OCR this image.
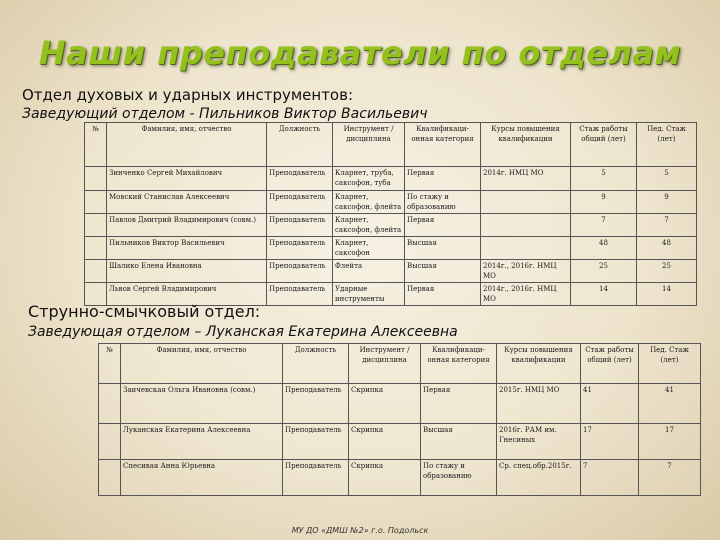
Наши преподаватели по отделам
Отдел духовых и ударных инструментов:
Заведующий отделом - Пильников Виктор Васильевич
№	Фамилия, имя, отчество	Должность	Инструмент / дисциплина	Квалификаци-онная категория	Курсы повышения квалификации	Стаж работы общий (лет)	Пед. Стаж (лет)
	Зинченко Сергей Михайлович	Преподаватель	Кларнет, труба, саксофон, туба	Первая	2014г. НМЦ МО	5	5
	Мовский Станислав Алексеевич	Преподаватель	Кларнет, саксофон, флейта	По стажу и образованию		9	9
	Павлов Дмитрий Владимирович (совм.)	Преподаватель	Кларнет, саксофон, флейта	Первая		7	7
	Пильников Виктор Васильевич	Преподаватель	Кларнет, саксофон	Высшая		48	48
	Шалико Елена Ивановна	Преподаватель	Флейта	Высшая	2014г., 2016г. НМЦ МО	25	25
	Львов Сергей Владимирович	Преподаватель	Ударные инструменты	Первая	2014г., 2016г. НМЦ МО	14	14
Струнно-смычковый отдел:
Заведующая отделом – Луканская Екатерина Алексеевна
№	Фамилия, имя, отчество	Должность	Инструмент / дисциплина	Квалификаци-онная категория	Курсы повышения квалификации	Стаж работы общий (лет)	Пед. Стаж (лет)
	Заичевская Ольга Ивановна (совм.)	Преподаватель	Скрипка	Первая	2015г. НМЦ МО	41	41
	Луканская Екатерина Алексеевна	Преподаватель	Скрипка	Высшая	2016г. РАМ им. Гнесиных	17	17
	Спесивая Анна Юрьевна	Преподаватель	Скрипка	По стажу и образованию	Ср. спец.обр.2015г.	7	7
МУ ДО «ДМШ №2» г.о. Подольск
